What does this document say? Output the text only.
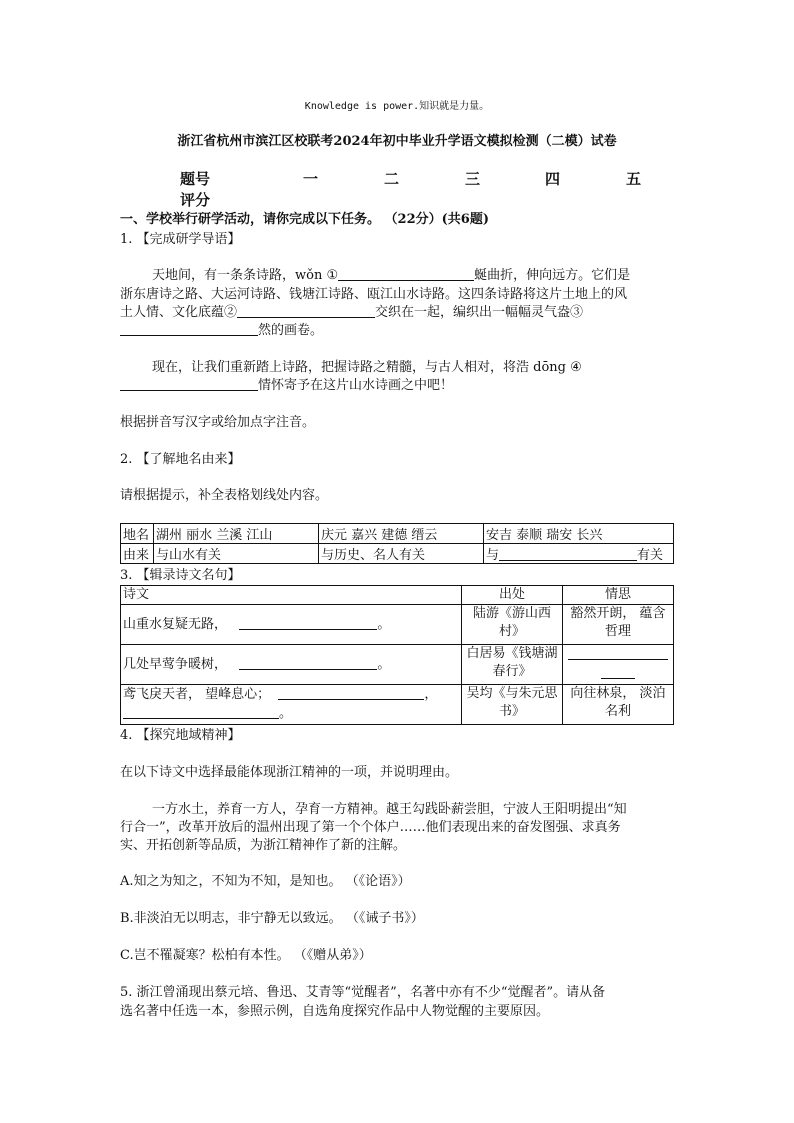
Knowledge is power.知识就是力量。
浙江省杭州市滨江区校联考2024年初中毕业升学语文模拟检测（二模）试卷
题号	一	二	三	四	五
评分
一、学校举行研学活动，请你完成以下任务。 （22分）(共6题)
1. 【完成研学导语】
天地间，有一条条诗路，wǒn ①	蜒曲折，伸向远方。它们是
浙东唐诗之路、大运河诗路、钱塘江诗路、瓯江山水诗路。这四条诗路将这片土地上的风
土人情、文化底蕴②	交织在一起，编织出一幅幅灵气盎③
然的画卷。
现在，让我们重新踏上诗路，把握诗路之精髓，与古人相对，将浩 dōng ④
情怀寄予在这片山水诗画之中吧！
根据拼音写汉字或给加点字注音。
2. 【了解地名由来】
请根据提示，补全表格划线处内容。
地名	湖州 丽水 兰溪 江山	庆元 嘉兴 建德 缙云	安吉 泰顺 瑞安 长兴
由来	与山水有关	与历史、名人有关	与 有关
3. 【辑录诗文名句】
诗文	出处	情思
山重水复疑无路， 。	陆游《游山西村》	豁然开朗， 蕴含哲理
几处早莺争暖树， 。	白居易《钱塘湖春行》	

鸢飞戾天者， 望峰息心； ，
。	吴均《与朱元思书》	向往林泉， 淡泊名利
4. 【探究地域精神】
在以下诗文中选择最能体现浙江精神的一项，并说明理由。
一方水土，养育一方人，孕育一方精神。越王勾践卧薪尝胆，宁波人王阳明提出“知
行合一”，改革开放后的温州出现了第一个个体户……他们表现出来的奋发图强、求真务
实、开拓创新等品质，为浙江精神作了新的注解。
A.知之为知之，不知为不知，是知也。 （《论语》）
B.非淡泊无以明志，非宁静无以致远。 （《诫子书》）
C.岂不罹凝寒？松柏有本性。 （《赠从弟》）
5. 浙江曾涌现出蔡元培、鲁迅、艾青等“觉醒者”，名著中亦有不少“觉醒者”。请从备
选名著中任选一本，参照示例，自选角度探究作品中人物觉醒的主要原因。
